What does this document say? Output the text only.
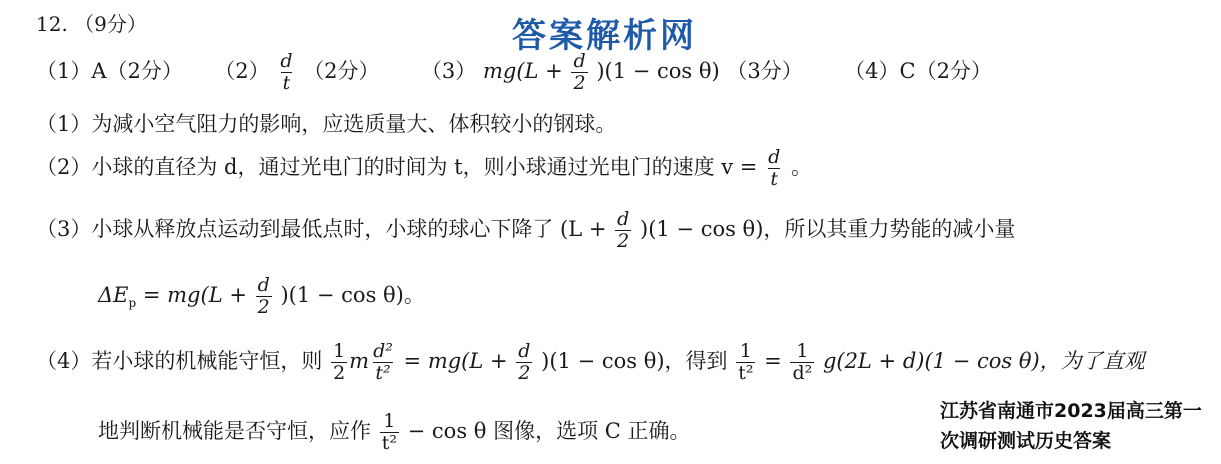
答案解析网
12. （9分）
（1）A（2分） $(2) \frac{d}{t} (2$分） （3） $mg(L + \frac{d}{2} )(1 - \cos \theta)$ （3分） （4）C（2分）
（1）为减小空气阻力的影响，应选质量大、体积较小的钢球。
（2）小球的直径为 d，通过光电门的时间为 t，则小球通过光电门的速度 $v = \frac{d}{t}$ 。
（3）小球从释放点运动到最低点时，小球的球心下降了 $(L + \frac{d}{2} )(1 - \cos \theta)$，所以其重力势能的减小量
$\Delta E_p = mg(L + \frac{d}{2} )(1 - \cos \theta)$。
（4）若小球的机械能守恒，则 $\frac{1}{2}$ m $\frac{\text{d²}}{\text{t²}} = mg(L + \frac{d}{2} )(1 - \cos \theta)$，得到 $\frac{1}{\text{t²}} = \frac{1}{\text{d²}} g(2L + d)(1 - \cos \theta)$，为了直观
地判断机械能是否守恒，应作 $\frac{1}{\text{t²}} - \cos \theta$ 图像，选项 C 正确。
江苏省南通市2023届高三第一
次调研测试历史答案
